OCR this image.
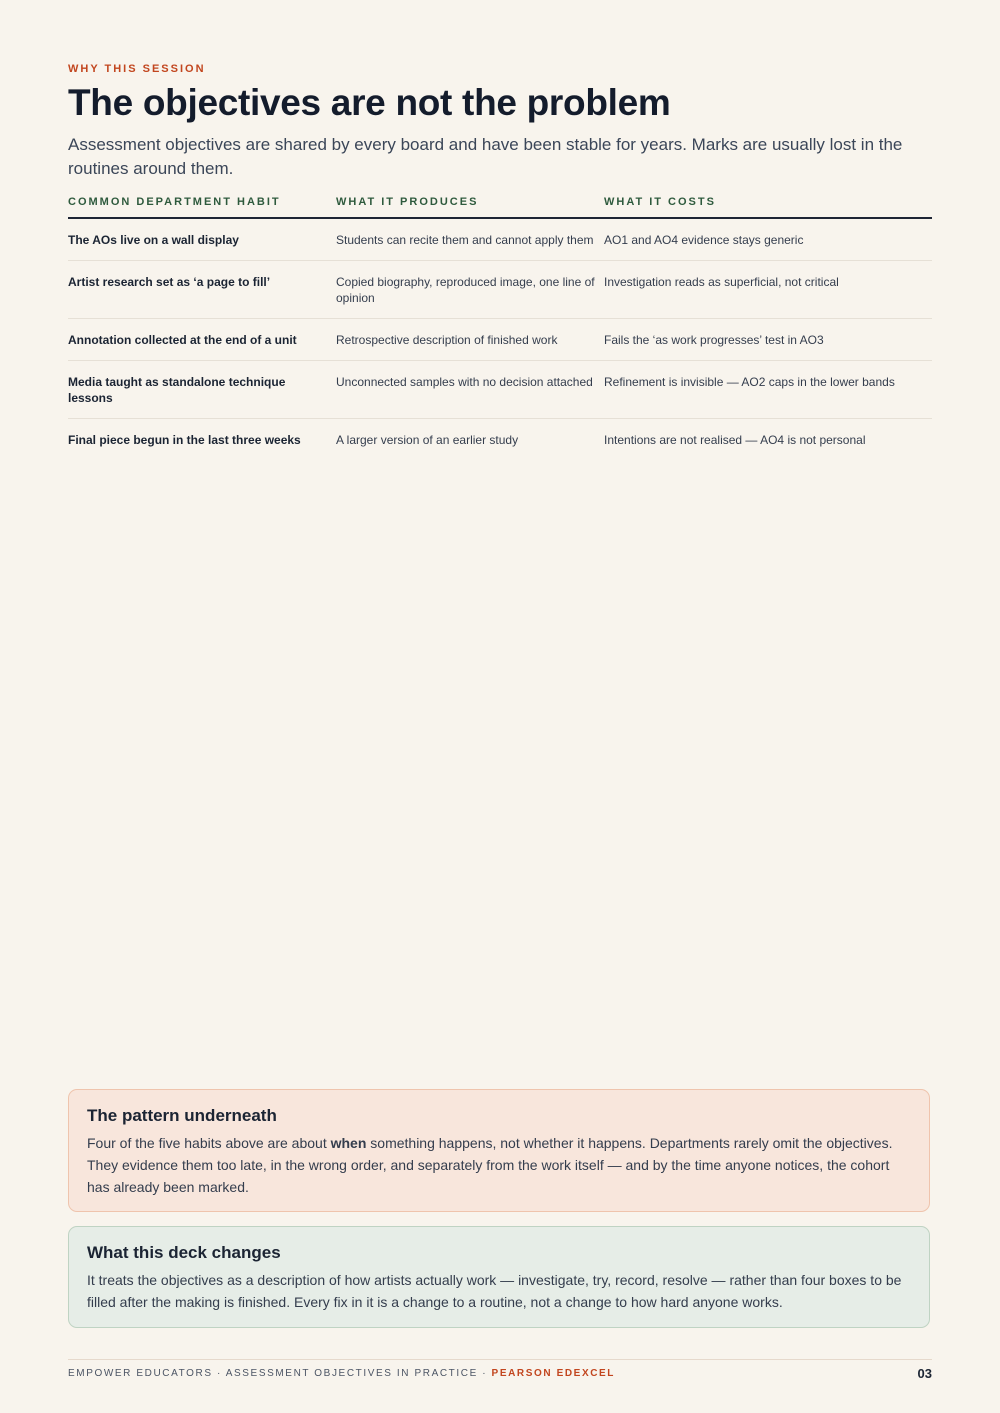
WHY THIS SESSION
The objectives are not the problem

Assessment objectives are shared by every board and have been stable for years. Marks are usually lost in the routines around them.

COMMON DEPARTMENT HABIT	WHAT IT PRODUCES	WHAT IT COSTS
The AOs live on a wall display	Students can recite them and cannot apply them	AO1 and AO4 evidence stays generic
Artist research set as ‘a page to fill’	Copied biography, reproduced image, one line of opinion	Investigation reads as superficial, not critical
Annotation collected at the end of a unit	Retrospective description of finished work	Fails the ‘as work progresses’ test in AO3
Media taught as standalone technique lessons	Unconnected samples with no decision attached	Refinement is invisible — AO2 caps in the lower bands
Final piece begun in the last three weeks	A larger version of an earlier study	Intentions are not realised — AO4 is not personal
The pattern underneath

Four of the five habits above are about when something happens, not whether it happens. Departments rarely omit the objectives. They evidence them too late, in the wrong order, and separately from the work itself — and by the time anyone notices, the cohort has already been marked.

What this deck changes

It treats the objectives as a description of how artists actually work — investigate, try, record, resolve — rather than four boxes to be filled after the making is finished. Every fix in it is a change to a routine, not a change to how hard anyone works.

EMPOWER EDUCATORS · ASSESSMENT OBJECTIVES IN PRACTICE · PEARSON EDEXCEL	03
